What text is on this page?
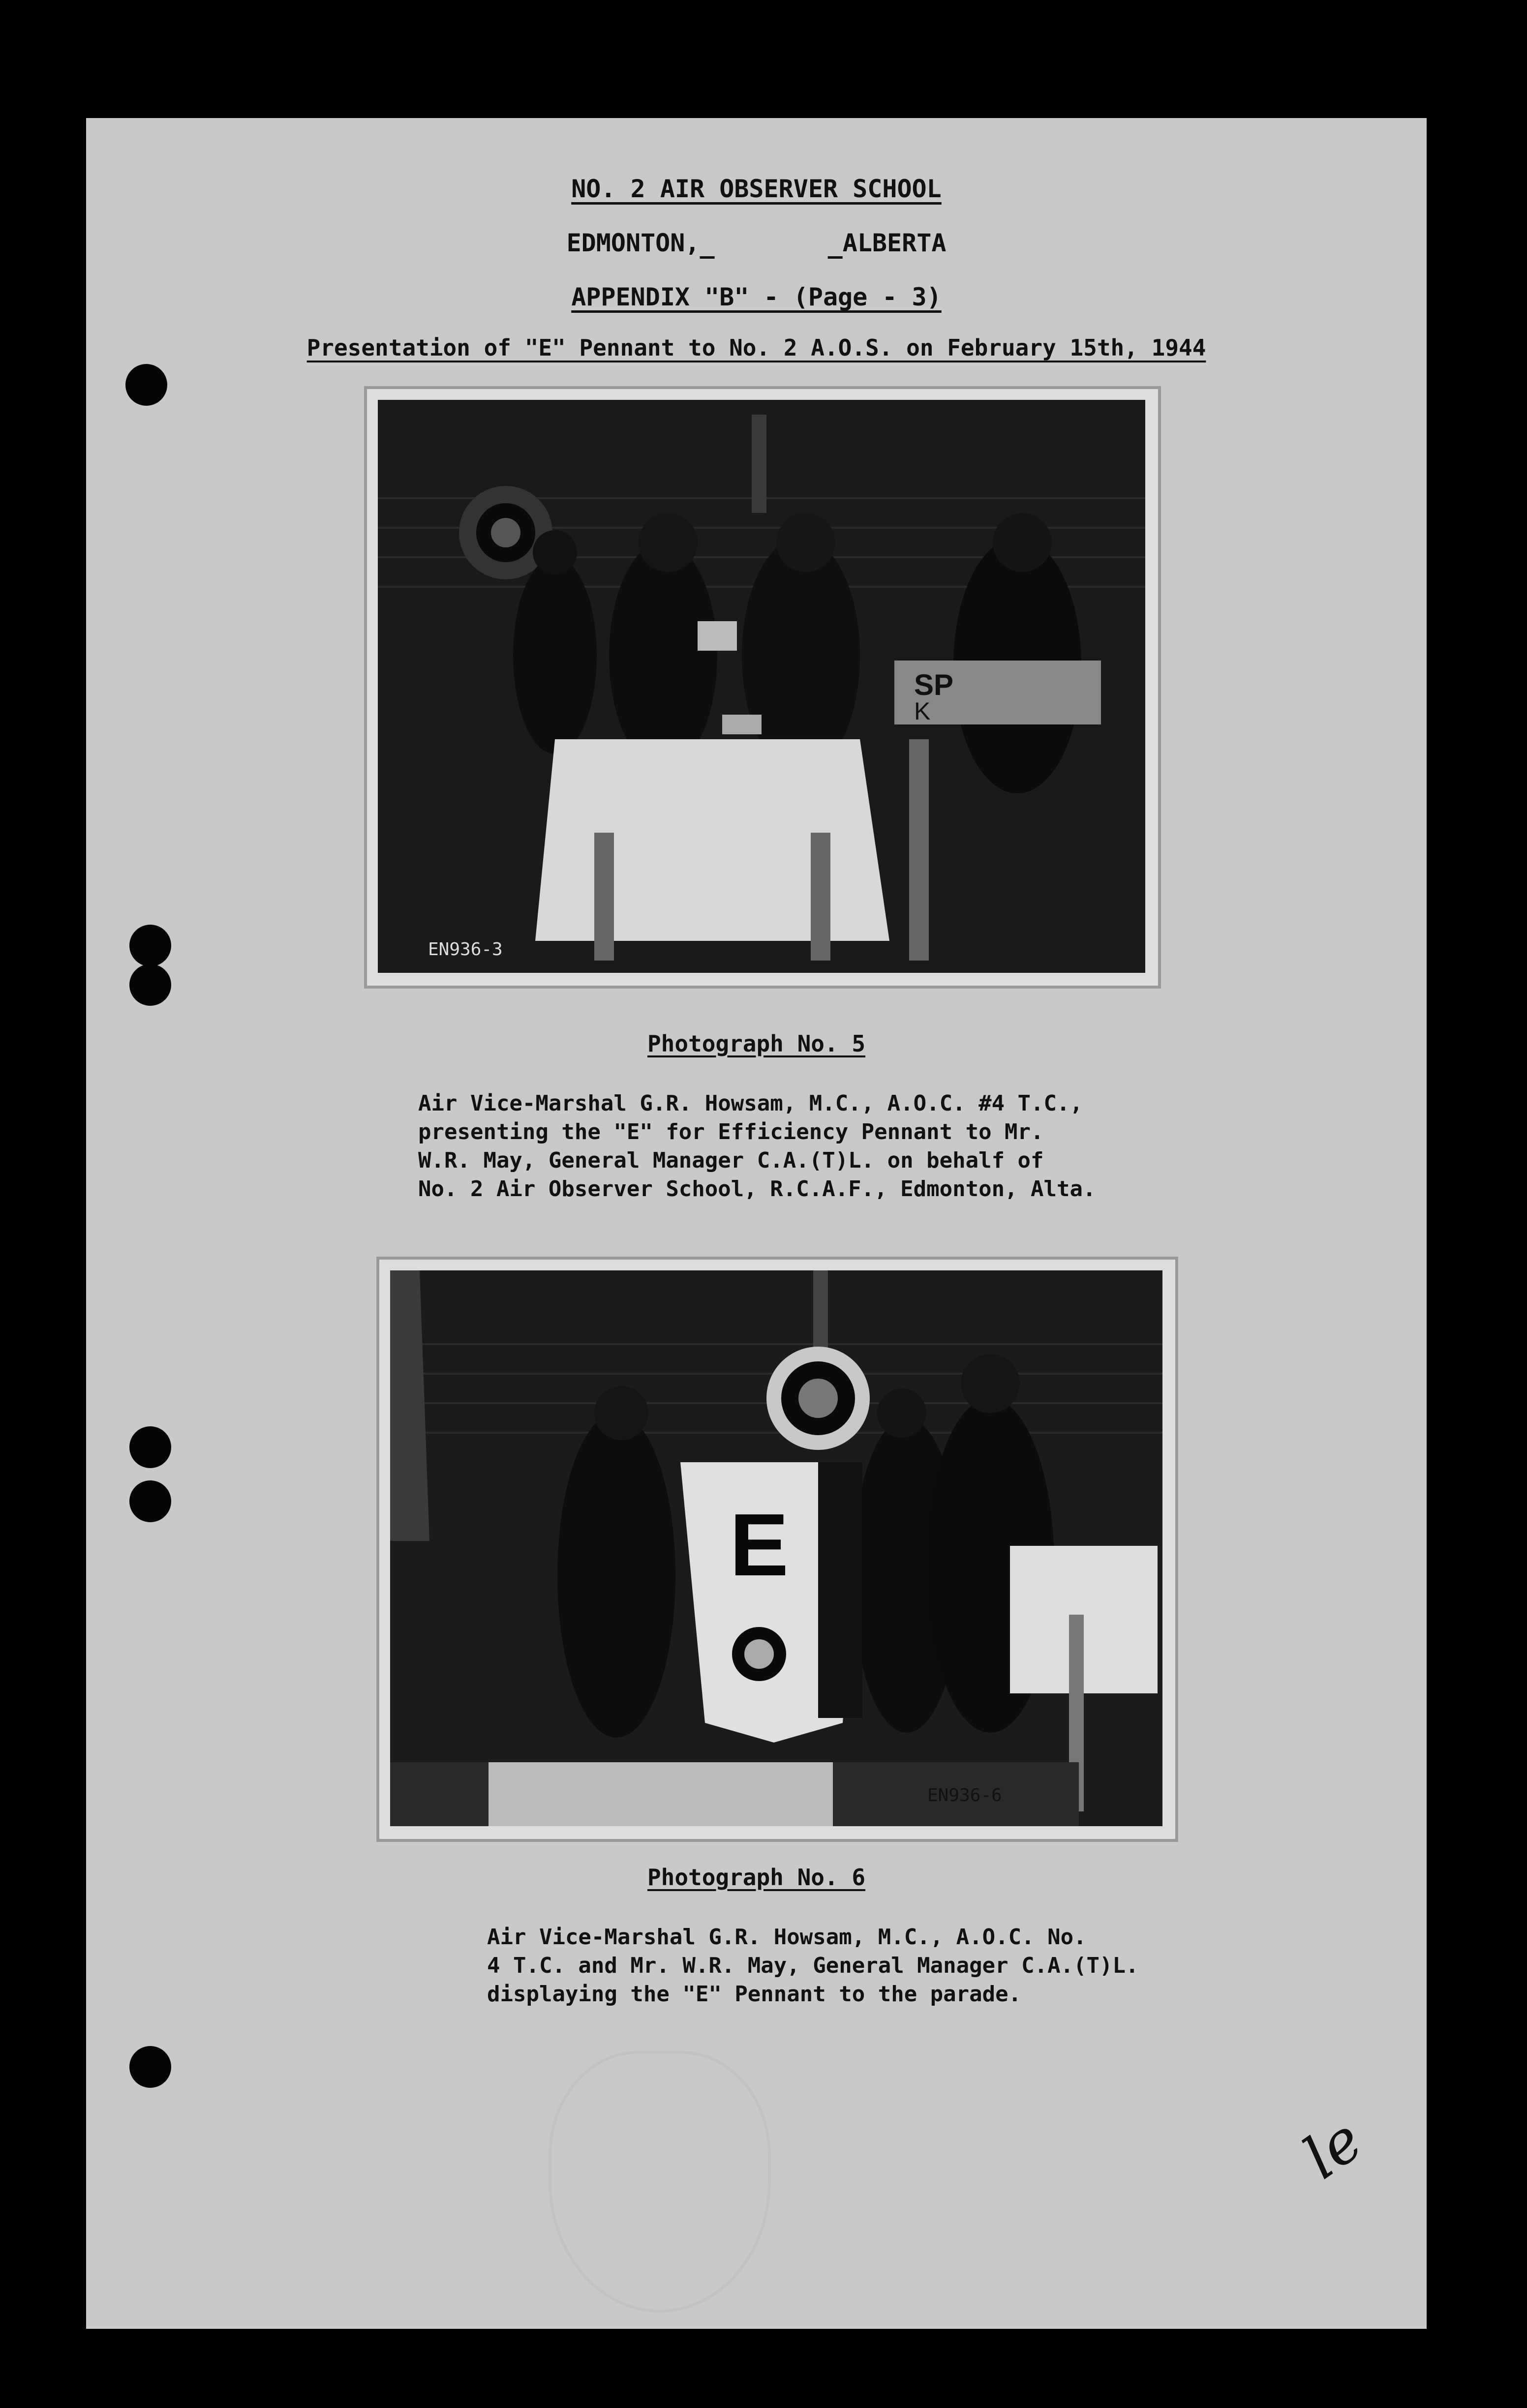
NO. 2 AIR OBSERVER SCHOOL
EDMONTON,	ALBERTA
APPENDIX "B" - (Page - 3)
Presentation of "E" Pennant to No. 2 A.O.S. on February 15th, 1944
SP
K
EN936-3
Photograph No. 5
Air Vice-Marshal G.R. Howsam, M.C., A.O.C. #4 T.C.,
presenting the "E" for Efficiency Pennant to Mr.
W.R. May, General Manager C.A.(T)L. on behalf of
No. 2 Air Observer School, R.C.A.F., Edmonton, Alta.
E
EN936-6
Photograph No. 6
Air Vice-Marshal G.R. Howsam, M.C., A.O.C. No.
4 T.C. and Mr. W.R. May, General Manager C.A.(T)L.
displaying the "E" Pennant to the parade.
le
